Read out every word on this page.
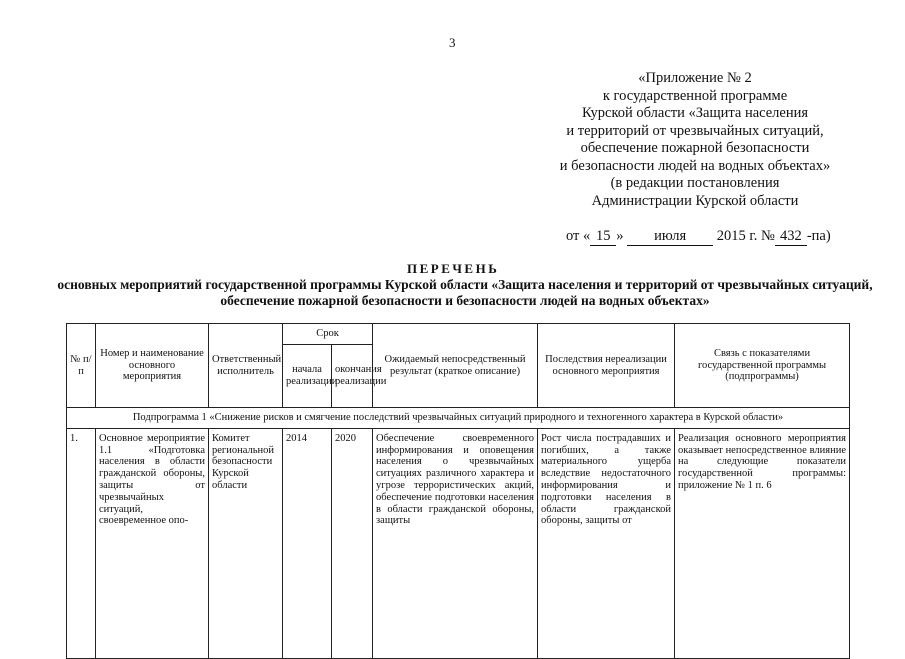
3
«Приложение № 2
к государственной программе
Курской области «Защита населения
и территорий от чрезвычайных ситуаций,
обеспечение пожарной безопасности
и безопасности людей на водных объектах»
(в редакции постановления
Администрации Курской области
от « 15 » июля 2015 г. № 432 -па)
ПЕРЕЧЕНЬ
основных мероприятий государственной программы Курской области «Защита населения и территорий от чрезвычайных ситуаций, обеспечение пожарной безопасности и безопасности людей на водных объектах»
№ п/п	Номер и наименование основного мероприятия	Ответственный исполнитель	Срок		Ожидаемый непосредственный результат (краткое описание)	Последствия нереализации основного мероприятия	Связь с показателями государственной программы (подпрограммы)
			начала реализации	окончания реализации			
Подпрограмма 1 «Снижение рисков и смягчение последствий чрезвычайных ситуаций природного и техногенного характера в Курской области»							

1.	Основное мероприятие 1.1 «Подготовка населения в области гражданской обороны, защиты от чрезвычайных ситуаций, своевременное опо-	Комитет региональной безопасности Курской области	2014	2020	Обеспечение своевременного информирования и оповещения населения о чрезвычайных ситуациях различного характера и угрозе террористических акций, обеспечение подготовки населения в области гражданской обороны, защиты	Рост числа пострадавших и погибших, а также материального ущерба вследствие недостаточного информирования и подготовки населения в области гражданской обороны, защиты от	Реализация основного мероприятия оказывает непосредственное влияние на следующие показатели государственной программы: приложение № 1 п. 6
